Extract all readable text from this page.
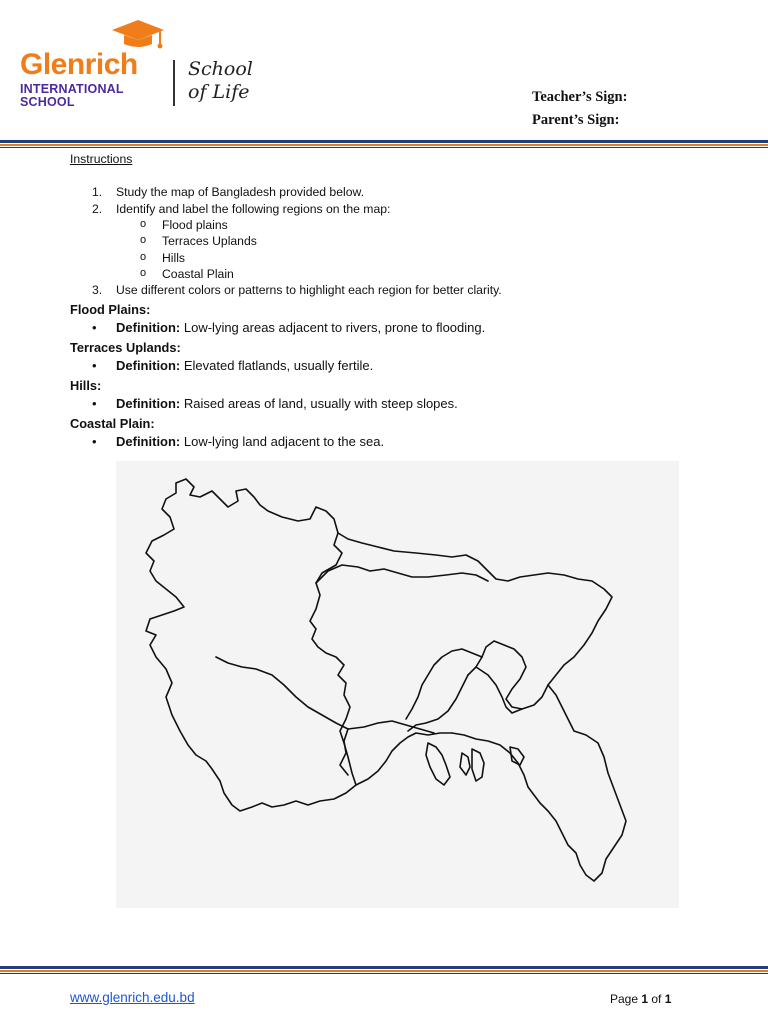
Glenrich
INTERNATIONAL
SCHOOL
School
of Life	Teacher’s Sign:
Parent’s Sign:
Instructions
1. Study the map of Bangladesh provided below.
2. Identify and label the following regions on the map:
o Flood plains
o Terraces Uplands
o Hills
o Coastal Plain
3. Use different colors or patterns to highlight each region for better clarity.
Flood Plains:
• Definition: Low-lying areas adjacent to rivers, prone to flooding.
Terraces Uplands:
• Definition: Elevated flatlands, usually fertile.
Hills:
• Definition: Raised areas of land, usually with steep slopes.
Coastal Plain:
• Definition: Low-lying land adjacent to the sea.
www.glenrich.edu.bd	Page 1 of 1
